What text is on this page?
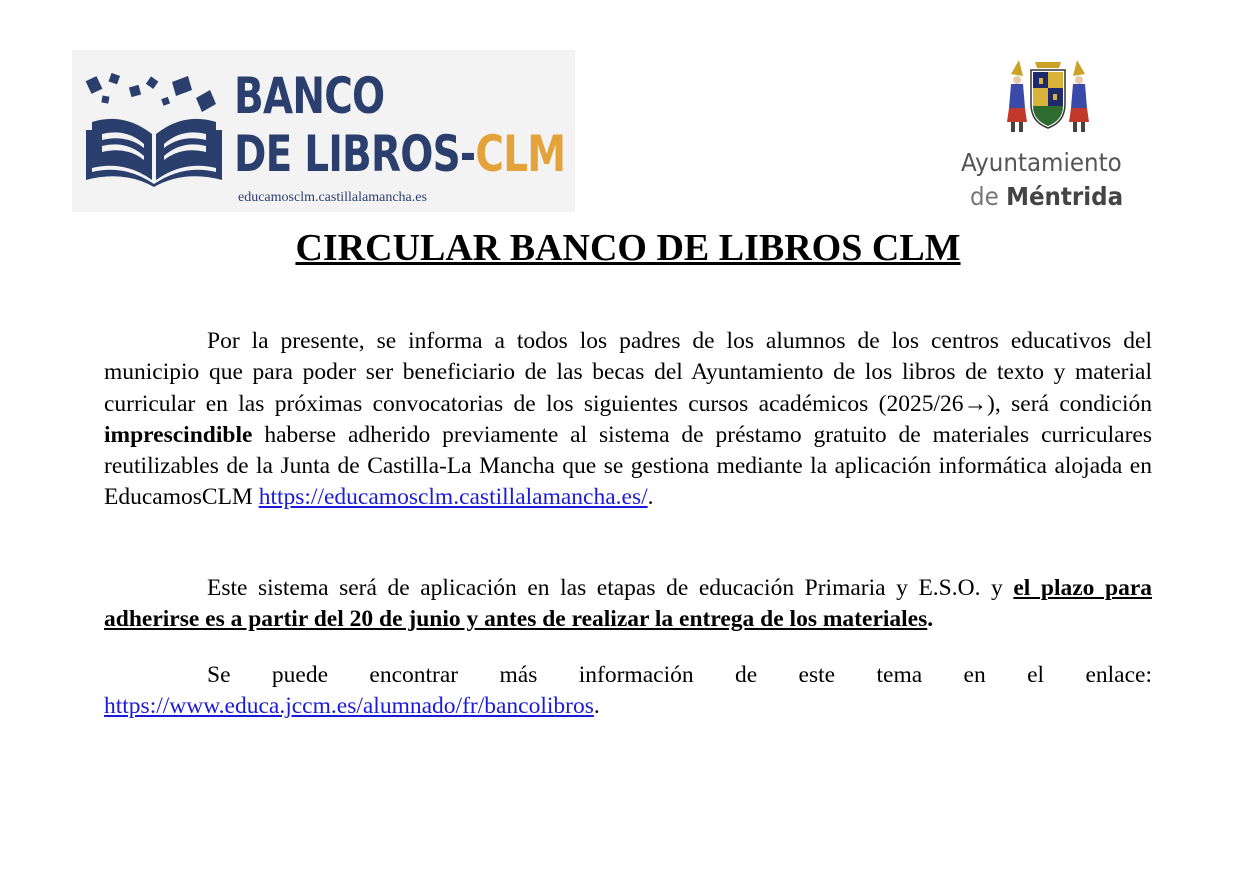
BANCO
DE LIBROS-CLM
educamosclm.castillalamancha.es
Ayuntamiento
de Méntrida
CIRCULAR BANCO DE LIBROS CLM

Por la presente, se informa a todos los padres de los alumnos de los centros educativos del municipio que para poder ser beneficiario de las becas del Ayuntamiento de los libros de texto y material curricular en las próximas convocatorias de los siguientes cursos académicos (2025/26→), será condición imprescindible haberse adherido previamente al sistema de préstamo gratuito de materiales curriculares reutilizables de la Junta de Castilla-La Mancha que se gestiona mediante la aplicación informática alojada en EducamosCLM https://educamosclm.castillalamancha.es/.

Este sistema será de aplicación en las etapas de educación Primaria y E.S.O. y el plazo para adherirse es a partir del 20 de junio y antes de realizar la entrega de los materiales.

Se puede encontrar más información de este tema en el enlace: https://www.educa.jccm.es/alumnado/fr/bancolibros.
